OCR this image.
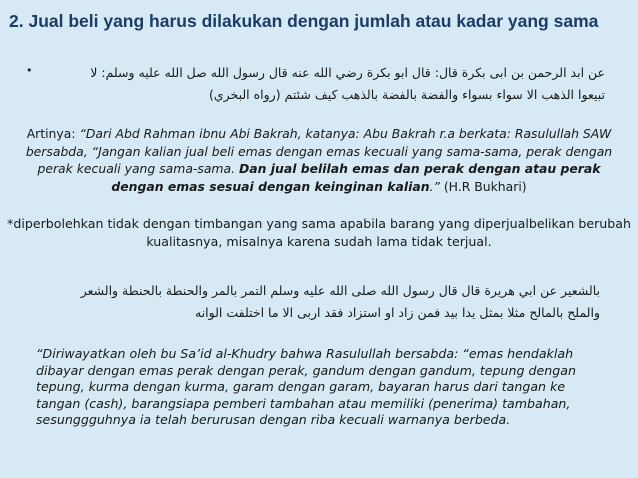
2. Jual beli yang harus dilakukan dengan jumlah atau kadar yang sama
•	عن ابد الرحمن بن ابى بكرة قال: قال ابو بكرة رضي الله عنه قال رسول الله صل الله عليه وسلم: لا
تبيعوا الذهب الا سواء بسواء والفضة بالفضة بالذهب كيف شئتم (رواه البخري)
Artinya: “Dari Abd Rahman ibnu Abi Bakrah, katanya: Abu Bakrah r.a berkata: Rasulullah SAW bersabda, “Jangan kalian jual beli emas dengan emas kecuali yang sama-sama, perak dengan perak kecuali yang sama-sama. Dan jual belilah emas dan perak dengan atau perak dengan emas sesuai dengan keinginan kalian.” (H.R Bukhari)
*diperbolehkan tidak dengan timbangan yang sama apabila barang yang diperjualbelikan berubah kualitasnya, misalnya karena sudah lama tidak terjual.
بالشعير عن ابي هريرة قال قال رسول الله صلى الله عليه وسلم التمر بالمر والحنطة بالحنطة والشعر
والملح بالمالح مثلا بمثل يدا بيد فمن زاد او استزاد فقد اربى الا ما اختلفت الوانه
“Diriwayatkan oleh bu Sa’id al-Khudry bahwa Rasulullah bersabda: “emas hendaklah dibayar dengan emas perak dengan perak, gandum dengan gandum, tepung dengan tepung, kurma dengan kurma, garam dengan garam, bayaran harus dari tangan ke tangan (cash), barangsiapa pemberi tambahan atau memiliki (penerima) tambahan, sesunggguhnya ia telah berurusan dengan riba kecuali warnanya berbeda.
